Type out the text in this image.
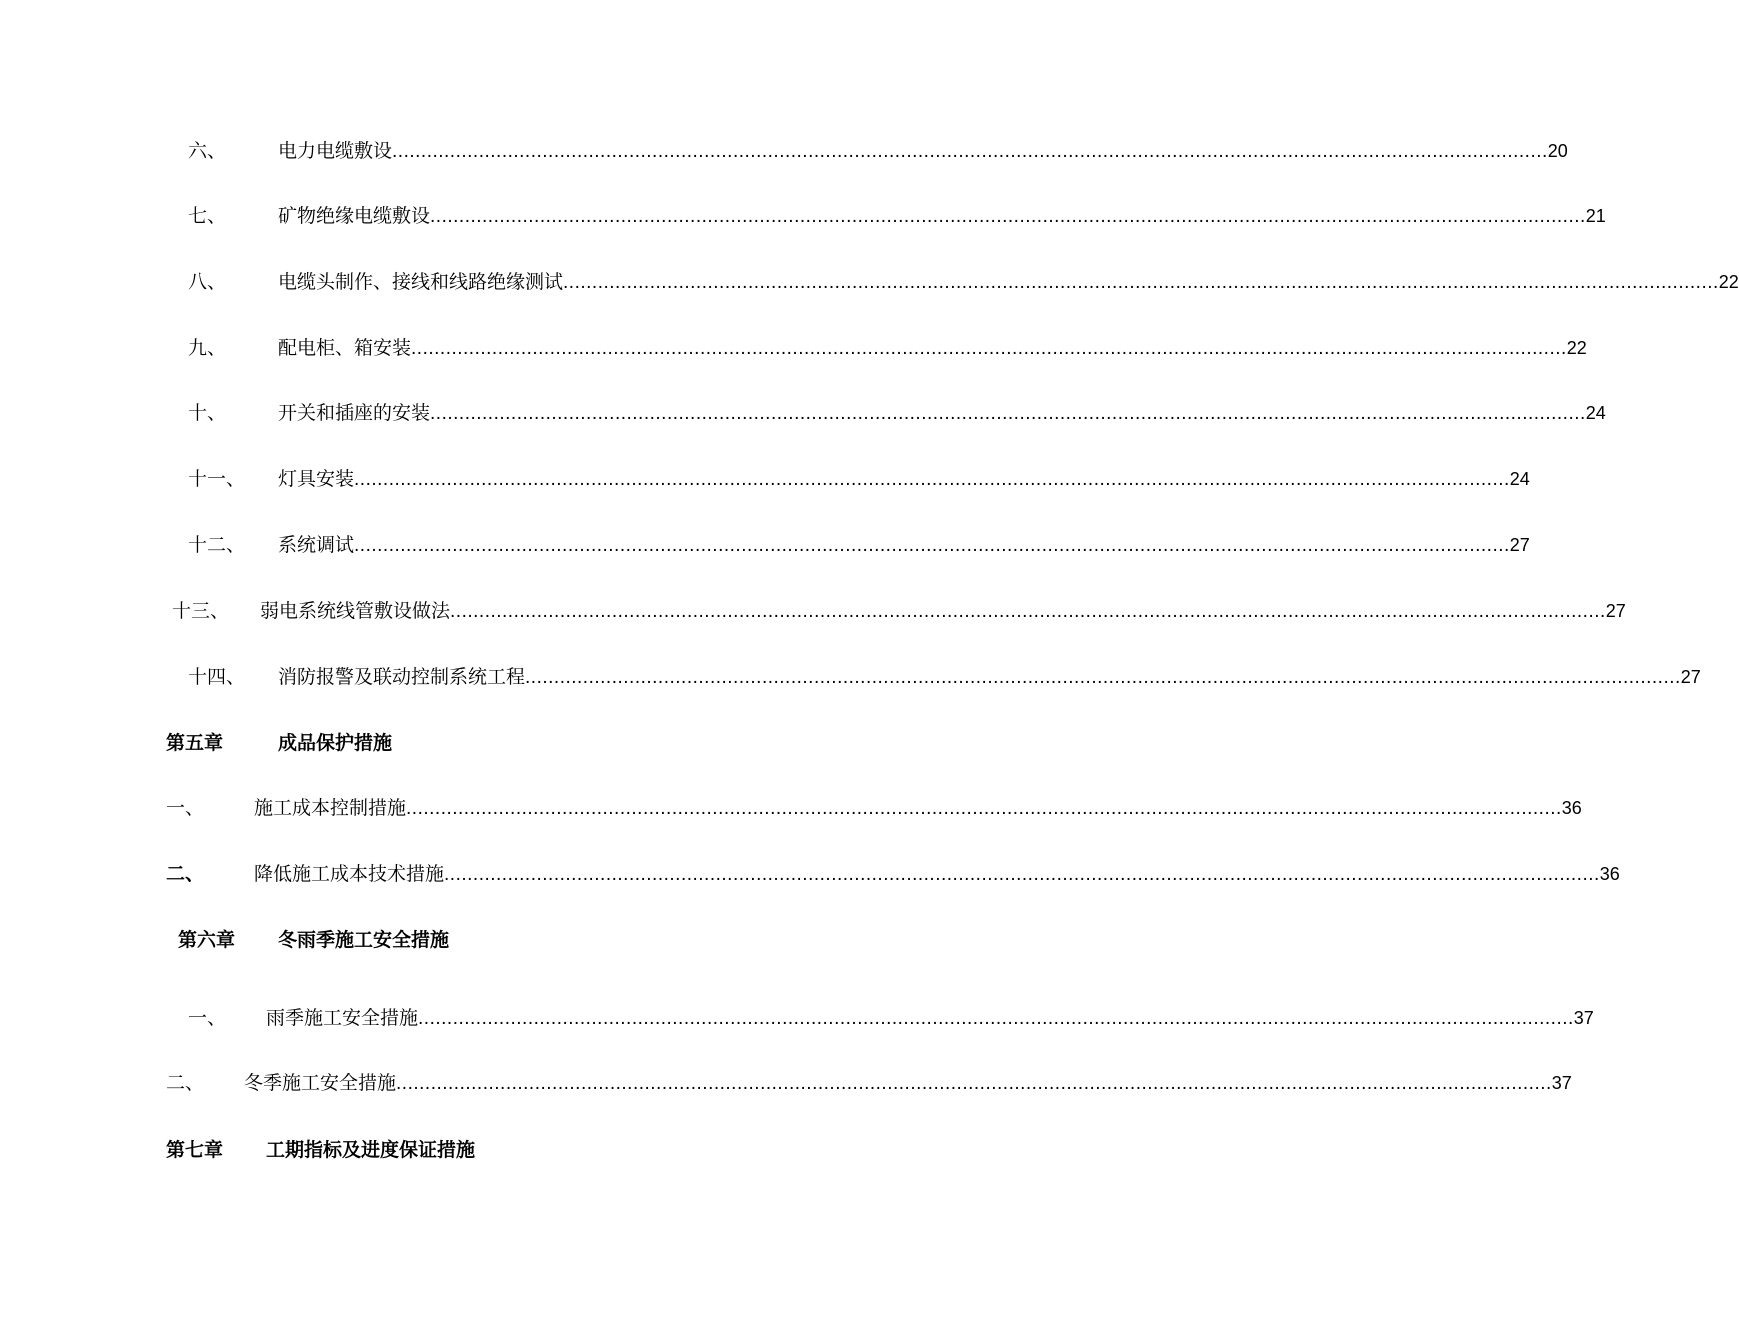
六、	电力电缆敷设 ........................................................................................................................................................................................................ 20
七、	矿物绝缘电缆敷设 ........................................................................................................................................................................................................ 21
八、	电缆头制作、接线和线路绝缘测试 ........................................................................................................................................................................................................ 22
九、	配电柜、箱安装 ........................................................................................................................................................................................................ 22
十、	开关和插座的安装 ........................................................................................................................................................................................................ 24
十一、 灯具安装 ........................................................................................................................................................................................................ 24
十二、 系统调试 ........................................................................................................................................................................................................ 27
十三、 弱电系统线管敷设做法 ........................................................................................................................................................................................................ 27
十四、 消防报警及联动控制系统工程 ........................................................................................................................................................................................................ 27
第五章	成品保护措施
一、	施工成本控制措施 ........................................................................................................................................................................................................ 36
二、	降低施工成本技术措施 ........................................................................................................................................................................................................ 36
第六章 冬雨季施工安全措施
一、 雨季施工安全措施 ........................................................................................................................................................................................................ 37
二、 冬季施工安全措施 ........................................................................................................................................................................................................ 37
第七章 工期指标及进度保证措施
